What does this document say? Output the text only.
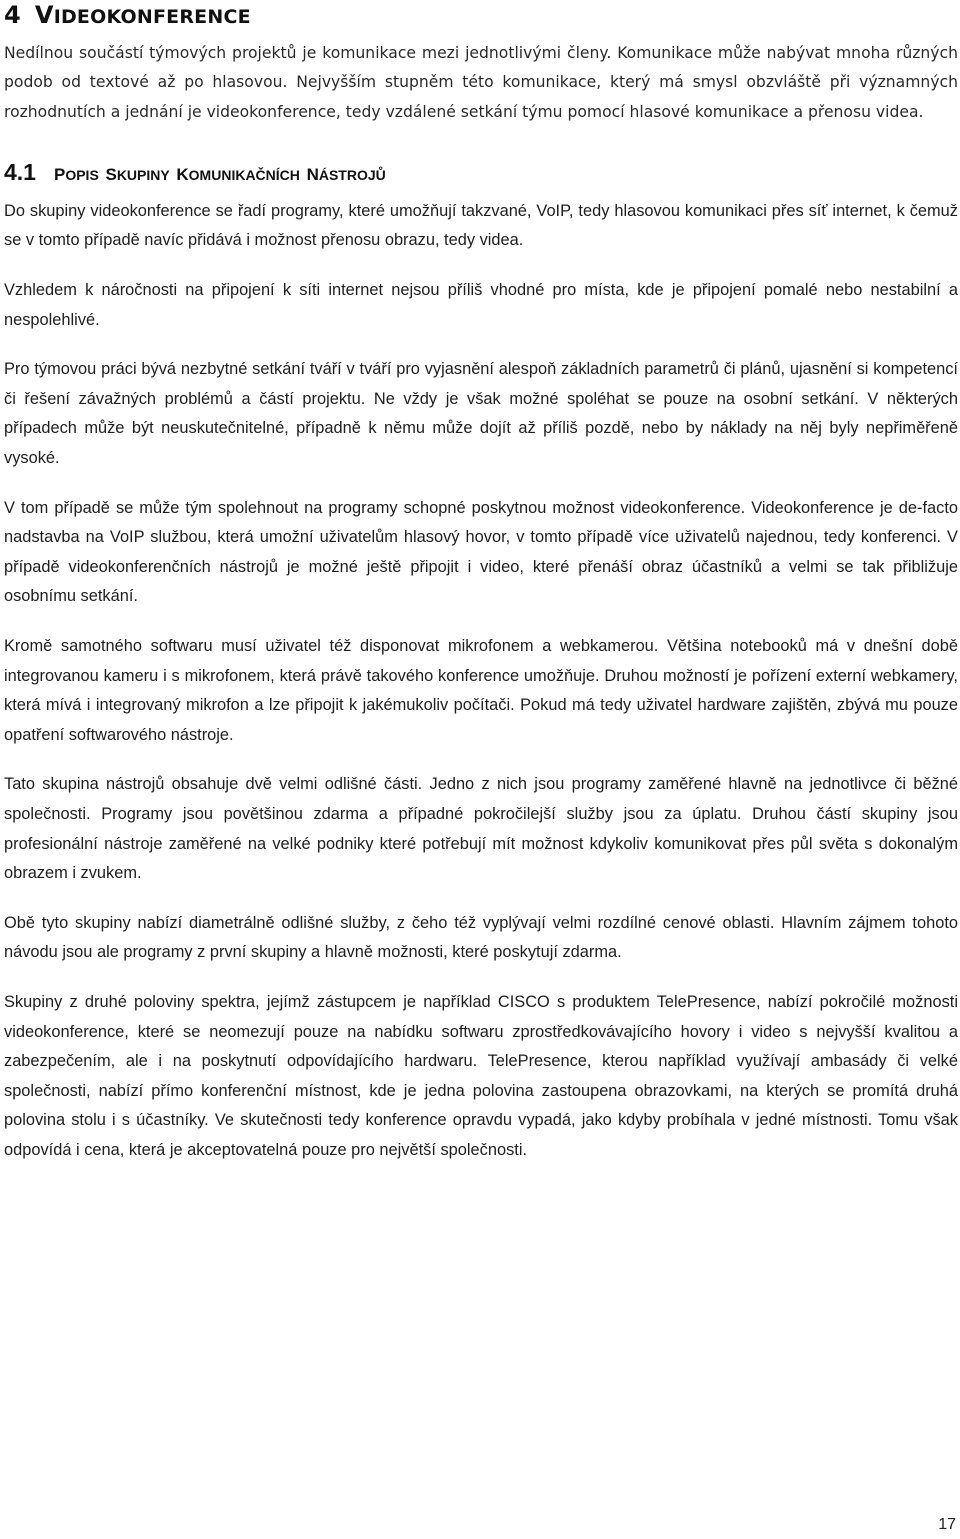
4 VIDEOKONFERENCE

Nedílnou součástí týmových projektů je komunikace mezi jednotlivými členy. Komunikace může nabývat mnoha různých podob od textové až po hlasovou. Nejvyšším stupněm této komunikace, který má smysl obzvláště při významných rozhodnutích a jednání je videokonference, tedy vzdálené setkání týmu pomocí hlasové komunikace a přenosu videa.

4.1 POPIS SKUPINY KOMUNIKAČNÍCH NÁSTROJŮ

Do skupiny videokonference se řadí programy, které umožňují takzvané, VoIP, tedy hlasovou komunikaci přes síť internet, k čemuž se v tomto případě navíc přidává i možnost přenosu obrazu, tedy videa.

Vzhledem k náročnosti na připojení k síti internet nejsou příliš vhodné pro místa, kde je připojení pomalé nebo nestabilní a nespolehlivé.

Pro týmovou práci bývá nezbytné setkání tváří v tváří pro vyjasnění alespoň základních parametrů či plánů, ujasnění si kompetencí či řešení závažných problémů a částí projektu. Ne vždy je však možné spoléhat se pouze na osobní setkání. V některých případech může být neuskutečnitelné, případně k němu může dojít až příliš pozdě, nebo by náklady na něj byly nepřiměřeně vysoké.

V tom případě se může tým spolehnout na programy schopné poskytnou možnost videokonference. Videokonference je de-facto nadstavba na VoIP službou, která umožní uživatelům hlasový hovor, v tomto případě více uživatelů najednou, tedy konferenci. V případě videokonferenčních nástrojů je možné ještě připojit i video, které přenáší obraz účastníků a velmi se tak přibližuje osobnímu setkání.

Kromě samotného softwaru musí uživatel též disponovat mikrofonem a webkamerou. Většina notebooků má v dnešní době integrovanou kameru i s mikrofonem, která právě takového konference umožňuje. Druhou možností je pořízení externí webkamery, která mívá i integrovaný mikrofon a lze připojit k jakémukoliv počítači. Pokud má tedy uživatel hardware zajištěn, zbývá mu pouze opatření softwarového nástroje.

Tato skupina nástrojů obsahuje dvě velmi odlišné části. Jedno z nich jsou programy zaměřené hlavně na jednotlivce či běžné společnosti. Programy jsou povětšinou zdarma a případné pokročilejší služby jsou za úplatu. Druhou částí skupiny jsou profesionální nástroje zaměřené na velké podniky které potřebují mít možnost kdykoliv komunikovat přes půl světa s dokonalým obrazem i zvukem.

Obě tyto skupiny nabízí diametrálně odlišné služby, z čeho též vyplývají velmi rozdílné cenové oblasti. Hlavním zájmem tohoto návodu jsou ale programy z první skupiny a hlavně možnosti, které poskytují zdarma.

Skupiny z druhé poloviny spektra, jejímž zástupcem je například CISCO s produktem TelePresence, nabízí pokročilé možnosti videokonference, které se neomezují pouze na nabídku softwaru zprostředkovávajícího hovory i video s nejvyšší kvalitou a zabezpečením, ale i na poskytnutí odpovídajícího hardwaru. TelePresence, kterou například využívají ambasády či velké společnosti, nabízí přímo konferenční místnost, kde je jedna polovina zastoupena obrazovkami, na kterých se promítá druhá polovina stolu i s účastníky. Ve skutečnosti tedy konference opravdu vypadá, jako kdyby probíhala v jedné místnosti. Tomu však odpovídá i cena, která je akceptovatelná pouze pro největší společnosti.

17
